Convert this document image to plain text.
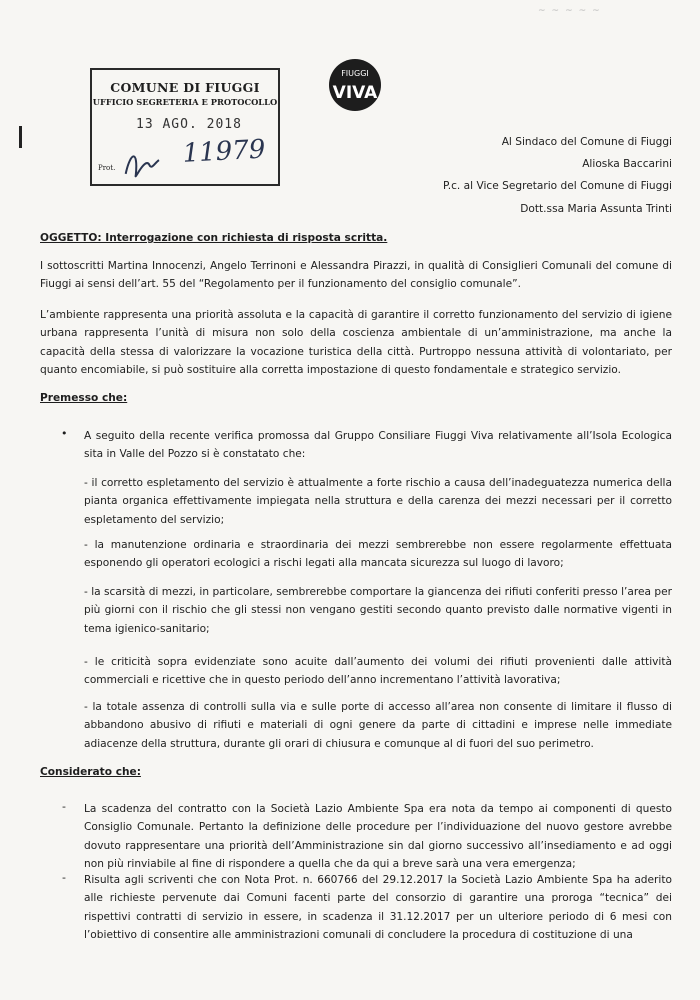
~~~~~
COMUNE DI FIUGGI
UFFICIO SEGRETERIA E PROTOCOLLO
13 AGO. 2018
Prot.	11979
FIUGGI
VIVA
Al Sindaco del Comune di Fiuggi
Alioska Baccarini
P.c. al Vice Segretario del Comune di Fiuggi
Dott.ssa Maria Assunta Trinti
OGGETTO: Interrogazione con richiesta di risposta scritta.
I sottoscritti Martina Innocenzi, Angelo Terrinoni e Alessandra Pirazzi, in qualità di Consiglieri Comunali del comune di Fiuggi ai sensi dell’art. 55 del “Regolamento per il funzionamento del consiglio comunale”.
L’ambiente rappresenta una priorità assoluta e la capacità di garantire il corretto funzionamento del servizio di igiene urbana rappresenta l’unità di misura non solo della coscienza ambientale di un’amministrazione, ma anche la capacità della stessa di valorizzare la vocazione turistica della città. Purtroppo nessuna attività di volontariato, per quanto encomiabile, si può sostituire alla corretta impostazione di questo fondamentale e strategico servizio.
Premesso che:
• A seguito della recente verifica promossa dal Gruppo Consiliare Fiuggi Viva relativamente all’Isola Ecologica sita in Valle del Pozzo si è constatato che:
- il corretto espletamento del servizio è attualmente a forte rischio a causa dell’inadeguatezza numerica della pianta organica effettivamente impiegata nella struttura e della carenza dei mezzi necessari per il corretto espletamento del servizio;
- la manutenzione ordinaria e straordinaria dei mezzi sembrerebbe non essere regolarmente effettuata esponendo gli operatori ecologici a rischi legati alla mancata sicurezza sul luogo di lavoro;
- la scarsità di mezzi, in particolare, sembrerebbe comportare la giancenza dei rifiuti conferiti presso l’area per più giorni con il rischio che gli stessi non vengano gestiti secondo quanto previsto dalle normative vigenti in tema igienico-sanitario;
- le criticità sopra evidenziate sono acuite dall’aumento dei volumi dei rifiuti provenienti dalle attività commerciali e ricettive che in questo periodo dell’anno incrementano l’attività lavorativa;
- la totale assenza di controlli sulla via e sulle porte di accesso all’area non consente di limitare il flusso di abbandono abusivo di rifiuti e materiali di ogni genere da parte di cittadini e imprese nelle immediate adiacenze della struttura, durante gli orari di chiusura e comunque al di fuori del suo perimetro.
Considerato che:
- La scadenza del contratto con la Società Lazio Ambiente Spa era nota da tempo ai componenti di questo Consiglio Comunale. Pertanto la definizione delle procedure per l’individuazione del nuovo gestore avrebbe dovuto rappresentare una priorità dell’Amministrazione sin dal giorno successivo all’insediamento e ad oggi non più rinviabile al fine di rispondere a quella che da qui a breve sarà una vera emergenza;
- Risulta agli scriventi che con Nota Prot. n. 660766 del 29.12.2017 la Società Lazio Ambiente Spa ha aderito alle richieste pervenute dai Comuni facenti parte del consorzio di garantire una proroga “tecnica” dei rispettivi contratti di servizio in essere, in scadenza il 31.12.2017 per un ulteriore periodo di 6 mesi con l’obiettivo di consentire alle amministrazioni comunali di concludere la procedura di costituzione di una
